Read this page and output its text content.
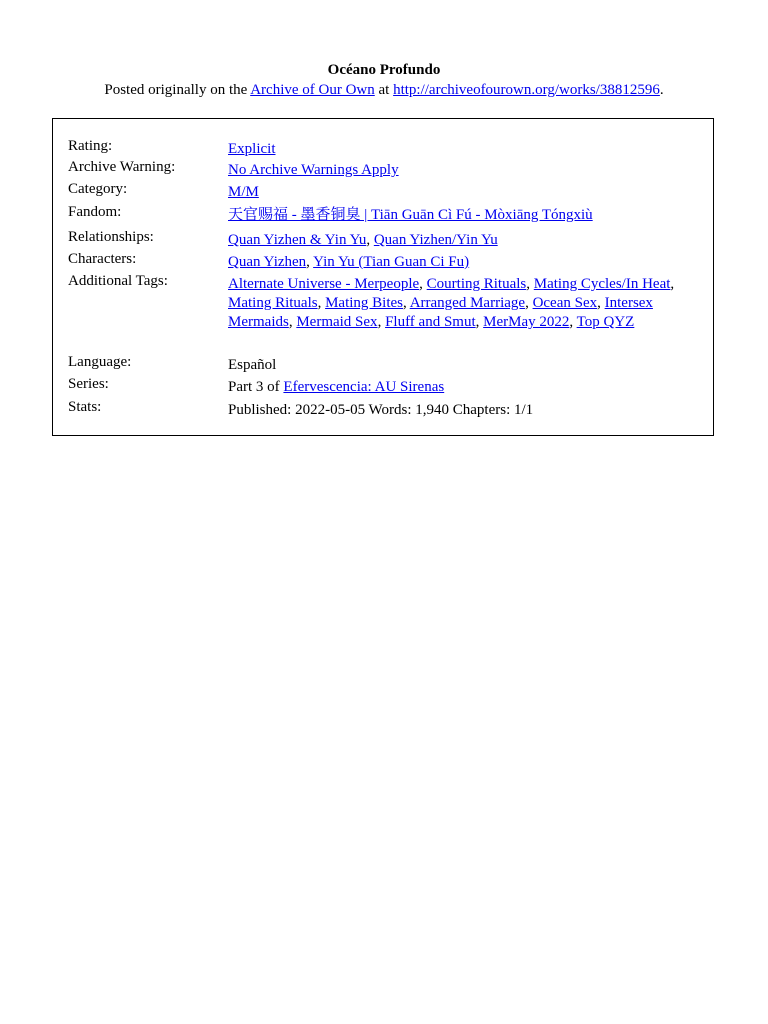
Océano Profundo
Posted originally on the Archive of Our Own at http://archiveofourown.org/works/38812596.
Rating:	Explicit
Archive Warning:	No Archive Warnings Apply
Category:	M/M
Fandom:	天官赐福 - 墨香铜臭 | Tiān Guān Cì Fú - Mòxiāng Tóngxiù
Relationships:	Quan Yizhen & Yin Yu, Quan Yizhen/Yin Yu
Characters:	Quan Yizhen, Yin Yu (Tian Guan Ci Fu)
Additional Tags:	Alternate Universe - Merpeople, Courting Rituals, Mating Cycles/In Heat, Mating Rituals, Mating Bites, Arranged Marriage, Ocean Sex, Intersex Mermaids, Mermaid Sex, Fluff and Smut, MerMay 2022, Top QYZ
Language:	Español
Series:	Part 3 of Efervescencia: AU Sirenas
Stats:	Published: 2022-05-05 Words: 1,940 Chapters: 1/1
